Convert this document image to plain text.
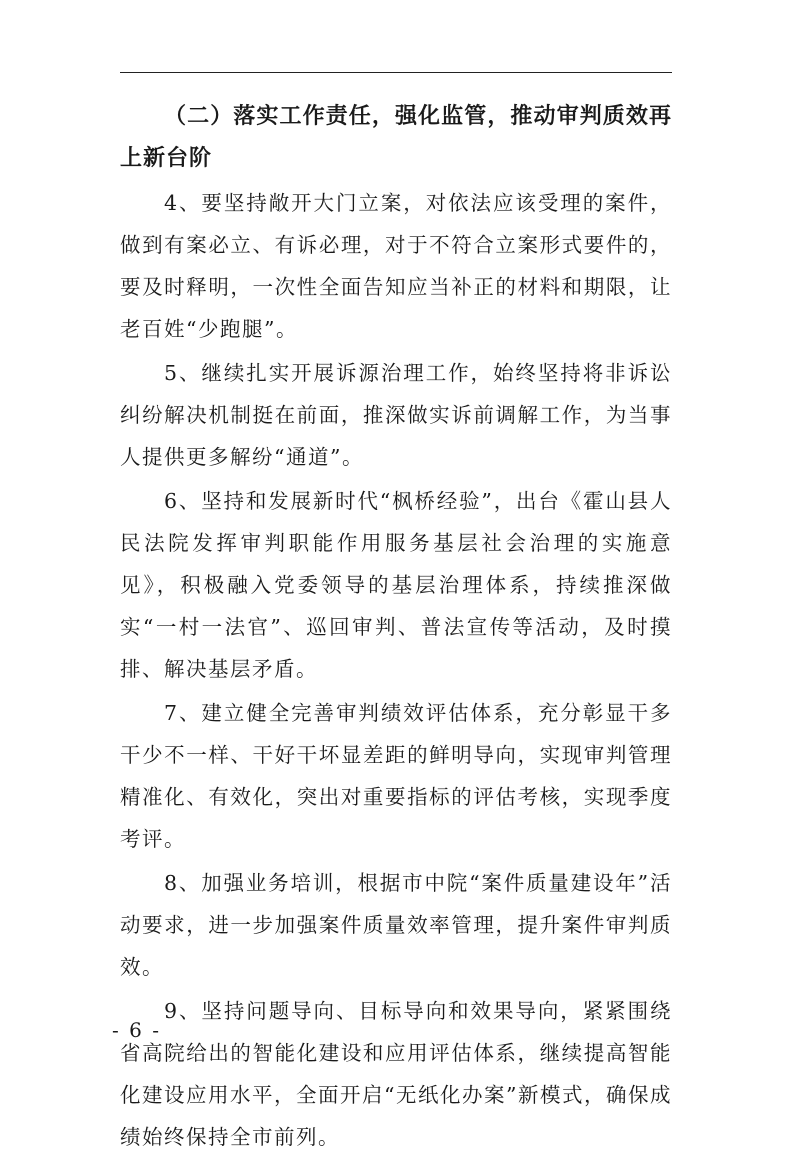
（二）落实工作责任，强化监管，推动审判质效再上新台阶

4、要坚持敞开大门立案，对依法应该受理的案件，做到有案必立、有诉必理，对于不符合立案形式要件的，要及时释明，一次性全面告知应当补正的材料和期限，让老百姓“少跑腿”。

5、继续扎实开展诉源治理工作，始终坚持将非诉讼纠纷解决机制挺在前面，推深做实诉前调解工作，为当事人提供更多解纷“通道”。

6、坚持和发展新时代“枫桥经验”，出台《霍山县人民法院发挥审判职能作用服务基层社会治理的实施意见》，积极融入党委领导的基层治理体系，持续推深做实“一村一法官”、巡回审判、普法宣传等活动，及时摸排、解决基层矛盾。

7、建立健全完善审判绩效评估体系，充分彰显干多干少不一样、干好干坏显差距的鲜明导向，实现审判管理精准化、有效化，突出对重要指标的评估考核，实现季度考评。

8、加强业务培训，根据市中院“案件质量建设年”活动要求，进一步加强案件质量效率管理，提升案件审判质效。

9、坚持问题导向、目标导向和效果导向，紧紧围绕省高院给出的智能化建设和应用评估体系，继续提高智能化建设应用水平，全面开启“无纸化办案”新模式，确保成绩始终保持全市前列。

- 6 -
